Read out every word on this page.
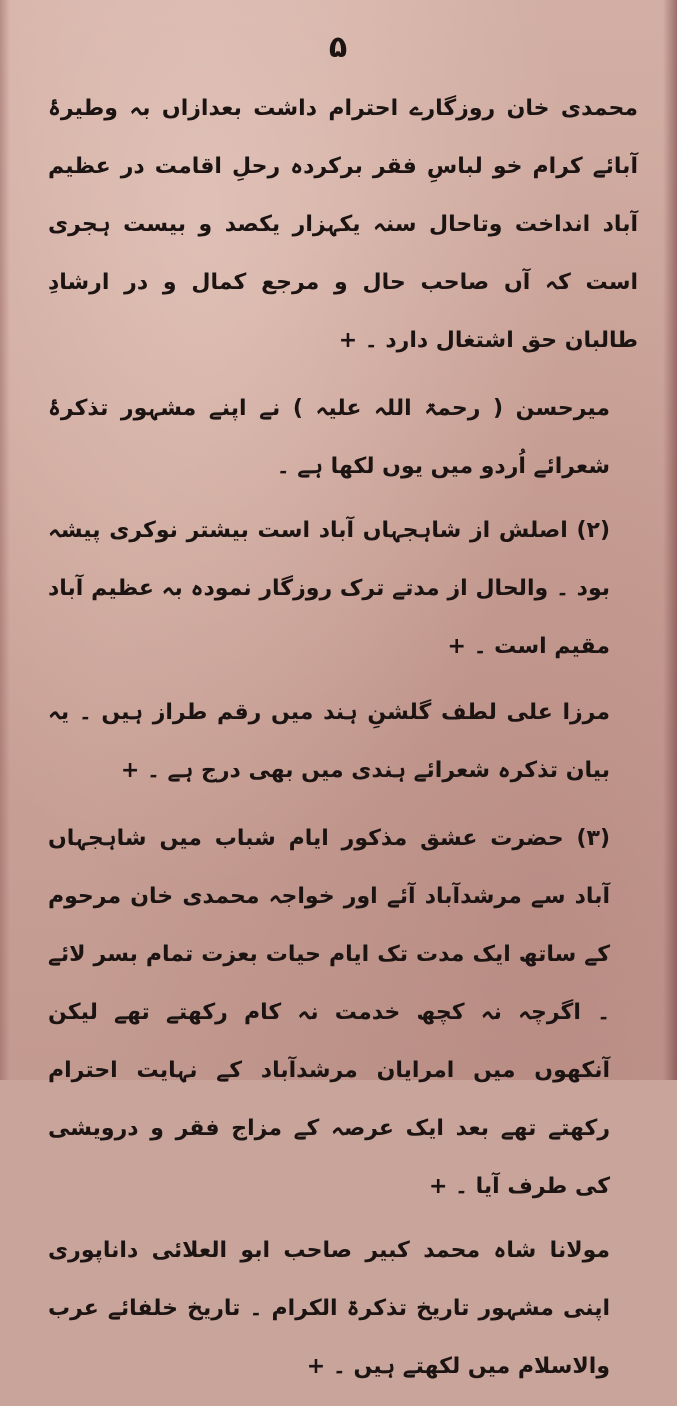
۵

محمدی خان روزگارے احترام داشت بعدازاں بہ وطیرۂ آبائے کرام خو لباسِ فقر برکردہ رحلِ اقامت در عظیم آباد انداخت وتاحال سنہ یکہزار یکصد و بیست ہجری است کہ آں صاحب حال و مرجع کمال و در ارشادِ طالبان حق اشتغال دارد ۔ +

میرحسن ( رحمۃ اللہ علیہ ) نے اپنے مشہور تذکرۂ شعرائے اُردو میں یوں لکھا ہے ۔

(۲) اصلش از شاہجہاں آباد است بیشتر نوکری پیشہ بود ۔ والحال از مدتے ترک روزگار نمودہ بہ عظیم آباد مقیم است ۔ +

مرزا علی لطف گلشنِ ہند میں رقم طراز ہیں ۔ یہ بیان تذکرہ شعرائے ہندی میں بھی درج ہے ۔ +

(۳) حضرت عشق مذکور ایام شباب میں شاہجہاں آباد سے مرشدآباد آئے اور خواجہ محمدی خان مرحوم کے ساتھ ایک مدت تک ایام حیات بعزت تمام بسر لائے ۔ اگرچہ نہ کچھ خدمت نہ کام رکھتے تھے لیکن آنکھوں میں امرایان مرشدآباد کے نہایت احترام رکھتے تھے بعد ایک عرصہ کے مزاج فقر و درویشی کی طرف آیا ۔ +

مولانا شاہ محمد کبیر صاحب ابو العلائی داناپوری اپنی مشہور تاریخ تذکرۃ الکرام ۔ تاریخ خلفائے عرب والاسلام میں لکھتے ہیں ۔ +
